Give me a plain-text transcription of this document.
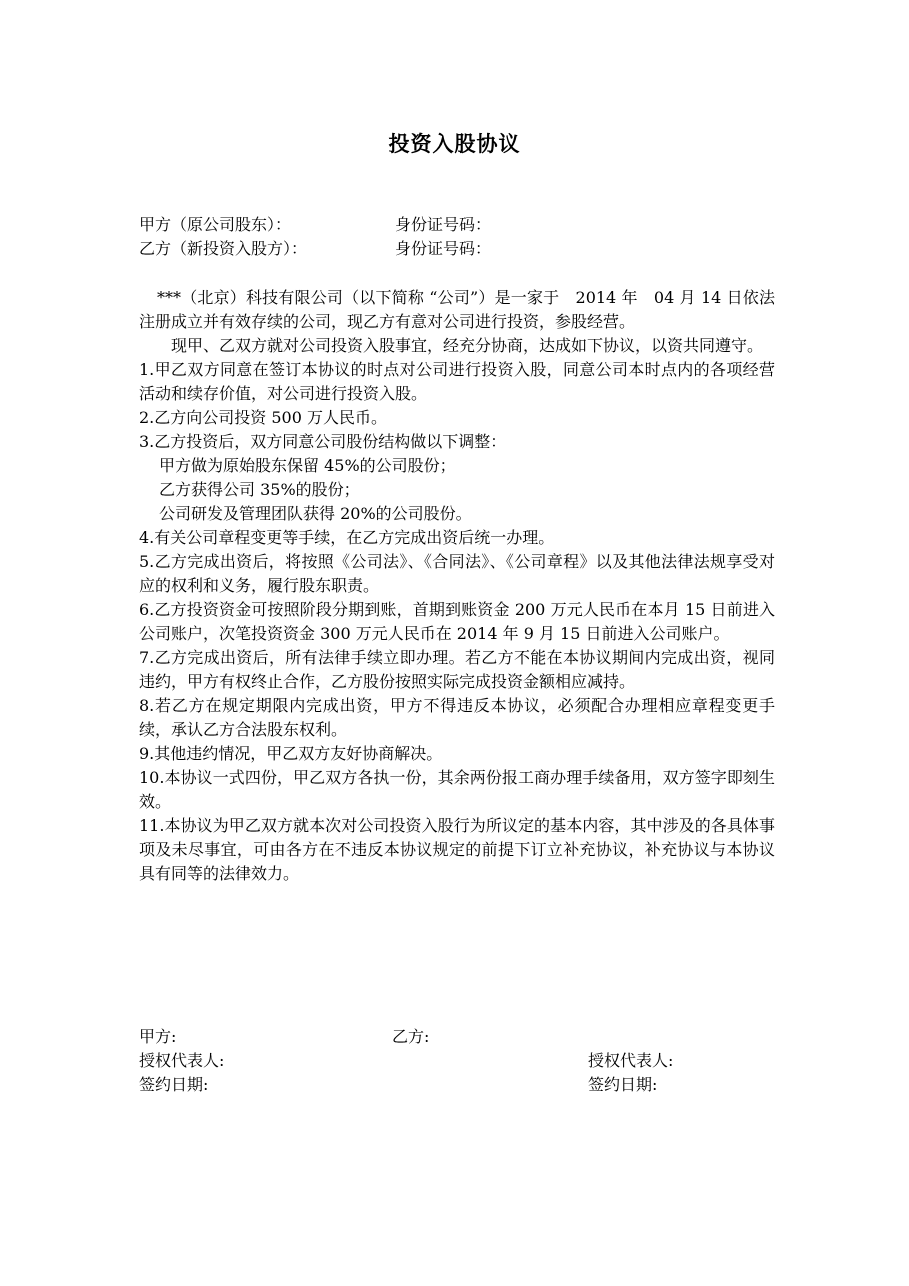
投资入股协议
甲方（原公司股东）：	身份证号码：
乙方（新投资入股方）：	身份证号码：

***（北京）科技有限公司（以下简称 “公司”）是一家于　2014 年　04 月 14 日依法注册成立并有效存续的公司，现乙方有意对公司进行投资，参股经营。

现甲、乙双方就对公司投资入股事宜，经充分协商，达成如下协议，以资共同遵守。

1.甲乙双方同意在签订本协议的时点对公司进行投资入股，同意公司本时点内的各项经营活动和续存价值，对公司进行投资入股。

2.乙方向公司投资 500 万人民币。

3.乙方投资后，双方同意公司股份结构做以下调整：

甲方做为原始股东保留 45%的公司股份；

乙方获得公司 35%的股份；

公司研发及管理团队获得 20%的公司股份。

4.有关公司章程变更等手续，在乙方完成出资后统一办理。

5.乙方完成出资后，将按照《公司法》、《合同法》、《公司章程》以及其他法律法规享受对应的权利和义务，履行股东职责。

6.乙方投资资金可按照阶段分期到账，首期到账资金 200 万元人民币在本月 15 日前进入公司账户，次笔投资资金 300 万元人民币在 2014 年 9 月 15 日前进入公司账户。

7.乙方完成出资后，所有法律手续立即办理。若乙方不能在本协议期间内完成出资，视同违约，甲方有权终止合作，乙方股份按照实际完成投资金额相应减持。

8.若乙方在规定期限内完成出资，甲方不得违反本协议，必须配合办理相应章程变更手续，承认乙方合法股东权利。

9.其他违约情况，甲乙双方友好协商解决。

10.本协议一式四份，甲乙双方各执一份，其余两份报工商办理手续备用，双方签字即刻生效。

11.本协议为甲乙双方就本次对公司投资入股行为所议定的基本内容，其中涉及的各具体事项及未尽事宜，可由各方在不违反本协议规定的前提下订立补充协议，补充协议与本协议具有同等的法律效力。

甲方:	乙方:
授权代表人:	授权代表人:
签约日期:	签约日期:
